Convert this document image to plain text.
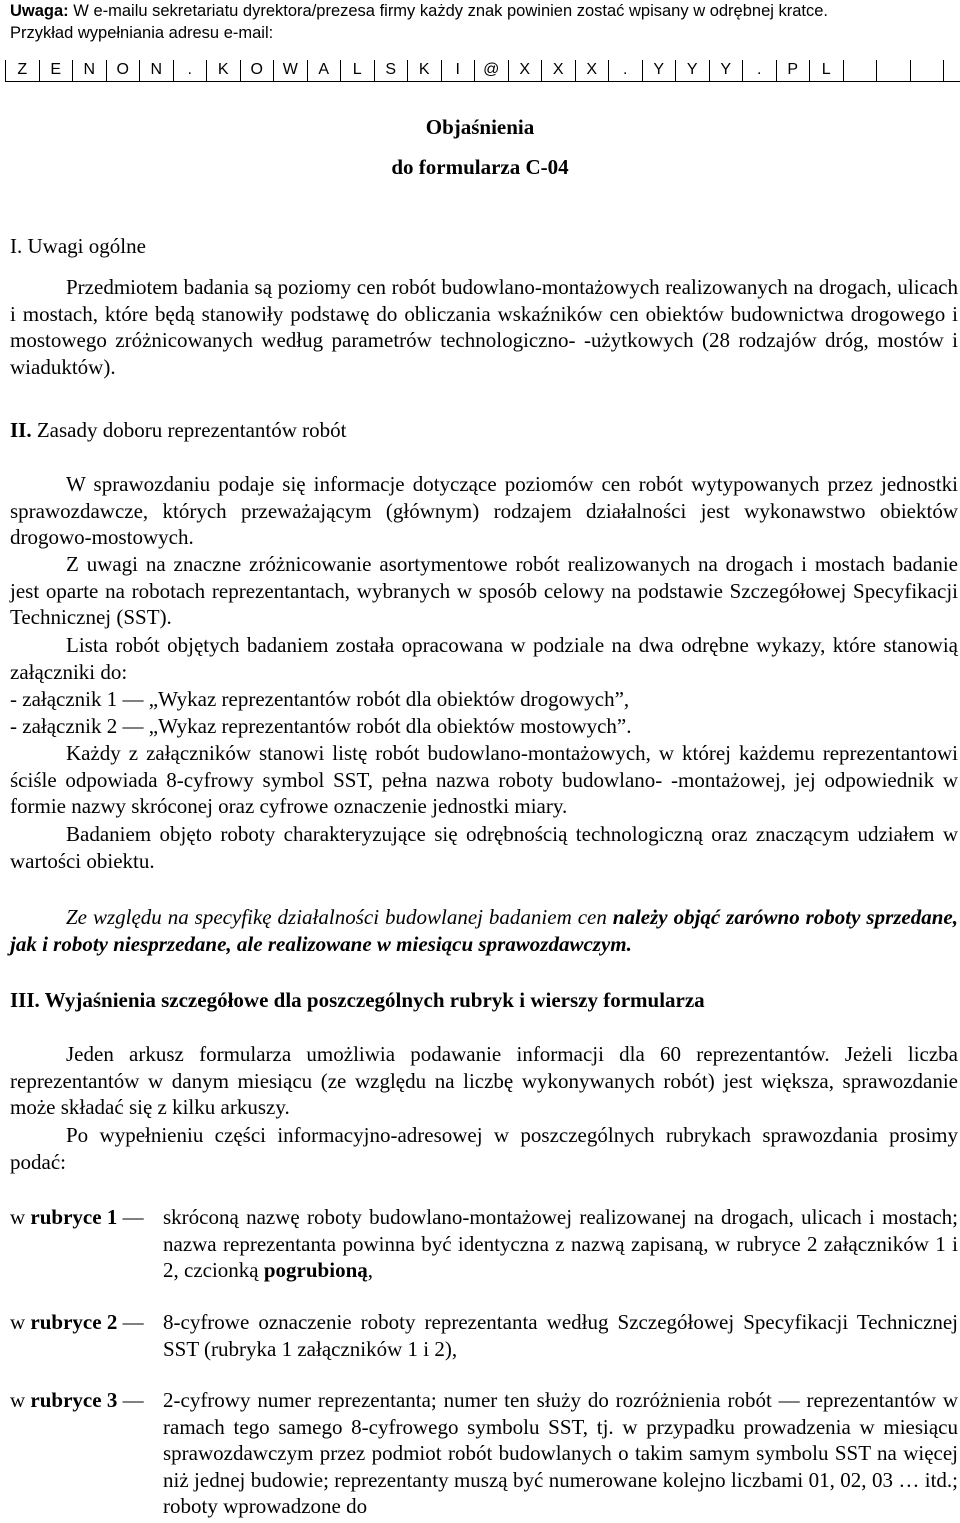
Uwaga: W e-mailu sekretariatu dyrektora/prezesa firmy każdy znak powinien zostać wpisany w odrębnej kratce.
Przykład wypełniania adresu e-mail:
Z	E	N	O	N	.	K	O	W	A	L	S	K	I	@	X	X	X	.	Y	Y	Y	.	P	L
Objaśnienia
do formularza C-04
I. Uwagi ogólne
Przedmiotem badania są poziomy cen robót budowlano-montażowych realizowanych na drogach, ulicach i mostach, które będą stanowiły podstawę do obliczania wskaźników cen obiektów budownictwa drogowego i mostowego zróżnicowanych według parametrów technologiczno- -użytkowych (28 rodzajów dróg, mostów i wiaduktów).
II. Zasady doboru reprezentantów robót
W sprawozdaniu podaje się informacje dotyczące poziomów cen robót wytypowanych przez jednostki sprawozdawcze, których przeważającym (głównym) rodzajem działalności jest wykonawstwo obiektów drogowo-mostowych.
Z uwagi na znaczne zróżnicowanie asortymentowe robót realizowanych na drogach i mostach badanie jest oparte na robotach reprezentantach, wybranych w sposób celowy na podstawie Szczegółowej Specyfikacji Technicznej (SST).
Lista robót objętych badaniem została opracowana w podziale na dwa odrębne wykazy, które stanowią załączniki do:
- załącznik 1 ― „Wykaz reprezentantów robót dla obiektów drogowych”,
- załącznik 2 ― „Wykaz reprezentantów robót dla obiektów mostowych”.
Każdy z załączników stanowi listę robót budowlano-montażowych, w której każdemu reprezentantowi ściśle odpowiada 8-cyfrowy symbol SST, pełna nazwa roboty budowlano- -montażowej, jej odpowiednik w formie nazwy skróconej oraz cyfrowe oznaczenie jednostki miary.
Badaniem objęto roboty charakteryzujące się odrębnością technologiczną oraz znaczącym udziałem w wartości obiektu.
Ze względu na specyfikę działalności budowlanej badaniem cen należy objąć zarówno roboty sprzedane, jak i roboty niesprzedane, ale realizowane w miesiącu sprawozdawczym.
III. Wyjaśnienia szczegółowe dla poszczególnych rubryk i wierszy formularza
Jeden arkusz formularza umożliwia podawanie informacji dla 60 reprezentantów. Jeżeli liczba reprezentantów w danym miesiącu (ze względu na liczbę wykonywanych robót) jest większa, sprawozdanie może składać się z kilku arkuszy.
Po wypełnieniu części informacyjno-adresowej w poszczególnych rubrykach sprawozdania prosimy podać:
w rubryce 1 ― skróconą nazwę roboty budowlano-montażowej realizowanej na drogach, ulicach i mostach; nazwa reprezentanta powinna być identyczna z nazwą zapisaną, w rubryce 2 załączników 1 i 2, czcionką pogrubioną,
w rubryce 2 ― 8-cyfrowe oznaczenie roboty reprezentanta według Szczegółowej Specyfikacji Technicznej SST (rubryka 1 załączników 1 i 2),
w rubryce 3 ― 2-cyfrowy numer reprezentanta; numer ten służy do rozróżnienia robót ― reprezentantów w ramach tego samego 8-cyfrowego symbolu SST, tj. w przypadku prowadzenia w miesiącu sprawozdawczym przez podmiot robót budowlanych o takim samym symbolu SST na więcej niż jednej budowie; reprezentanty muszą być numerowane kolejno liczbami 01, 02, 03 … itd.; roboty wprowadzone do
